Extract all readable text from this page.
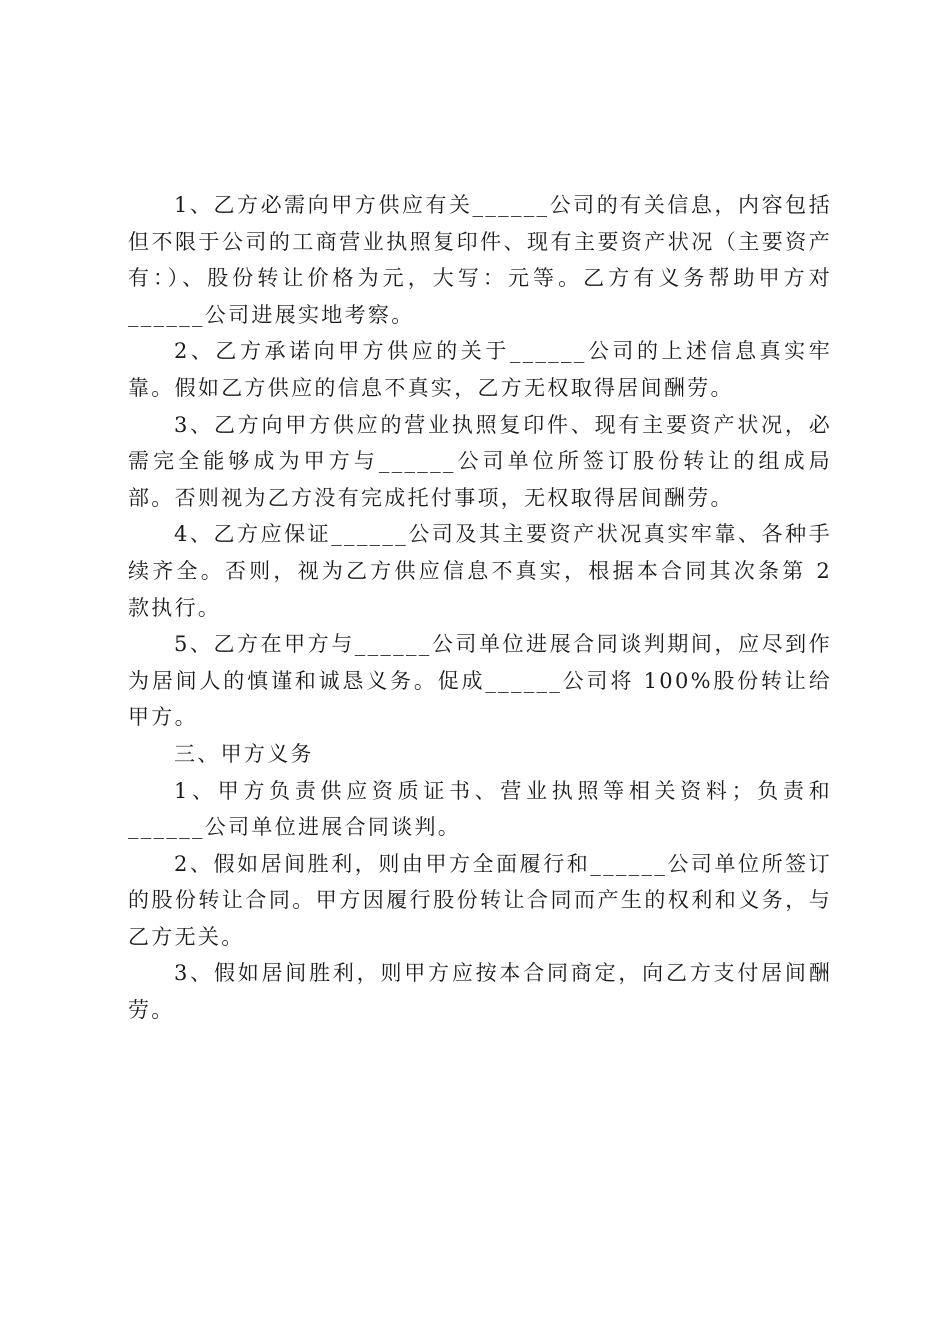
1、乙方必需向甲方供应有关______公司的有关信息，内容包括但不限于公司的工商营业执照复印件、现有主要资产状况（主要资产有：）、股份转让价格为元，大写：元等。乙方有义务帮助甲方对______公司进展实地考察。

2、乙方承诺向甲方供应的关于______公司的上述信息真实牢靠。假如乙方供应的信息不真实，乙方无权取得居间酬劳。

3、乙方向甲方供应的营业执照复印件、现有主要资产状况，必需完全能够成为甲方与______公司单位所签订股份转让的组成局部。否则视为乙方没有完成托付事项，无权取得居间酬劳。

4、乙方应保证______公司及其主要资产状况真实牢靠、各种手续齐全。否则，视为乙方供应信息不真实，根据本合同其次条第 2 款执行。

5、乙方在甲方与______公司单位进展合同谈判期间，应尽到作为居间人的慎谨和诚恳义务。促成______公司将 100%股份转让给甲方。

三、甲方义务

1、甲方负责供应资质证书、营业执照等相关资料；负责和______公司单位进展合同谈判。

2、假如居间胜利，则由甲方全面履行和______公司单位所签订的股份转让合同。甲方因履行股份转让合同而产生的权利和义务，与乙方无关。

3、假如居间胜利，则甲方应按本合同商定，向乙方支付居间酬劳。
